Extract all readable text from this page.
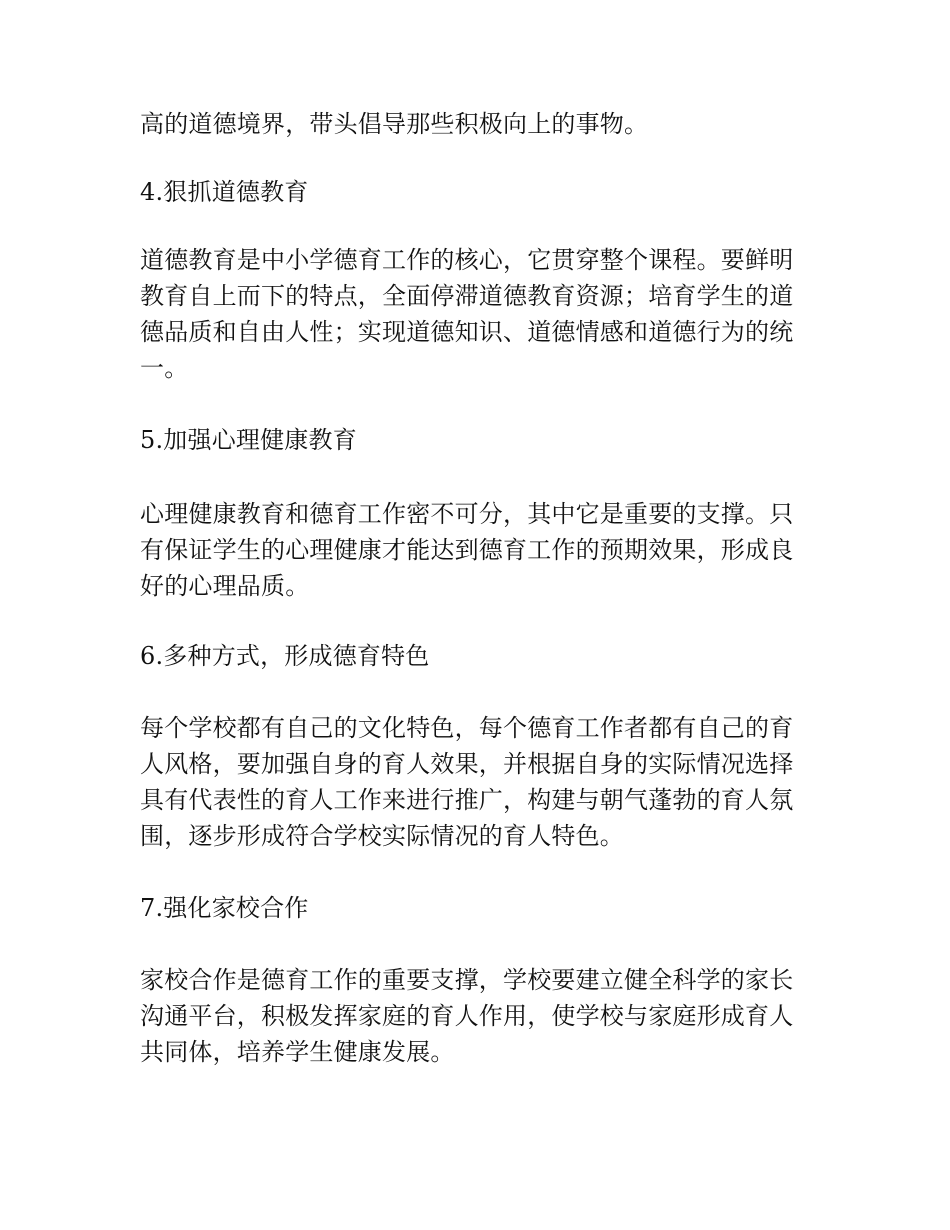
高的道德境界，带头倡导那些积极向上的事物。

4.狠抓道德教育

道德教育是中小学德育工作的核心，它贯穿整个课程。要鲜明教育自上而下的特点，全面停滞道德教育资源；培育学生的道德品质和自由人性；实现道德知识、道德情感和道德行为的统一。

5.加强心理健康教育

心理健康教育和德育工作密不可分，其中它是重要的支撑。只有保证学生的心理健康才能达到德育工作的预期效果，形成良好的心理品质。

6.多种方式，形成德育特色

每个学校都有自己的文化特色，每个德育工作者都有自己的育人风格，要加强自身的育人效果，并根据自身的实际情况选择具有代表性的育人工作来进行推广，构建与朝气蓬勃的育人氛围，逐步形成符合学校实际情况的育人特色。

7.强化家校合作

家校合作是德育工作的重要支撑，学校要建立健全科学的家长沟通平台，积极发挥家庭的育人作用，使学校与家庭形成育人共同体，培养学生健康发展。
